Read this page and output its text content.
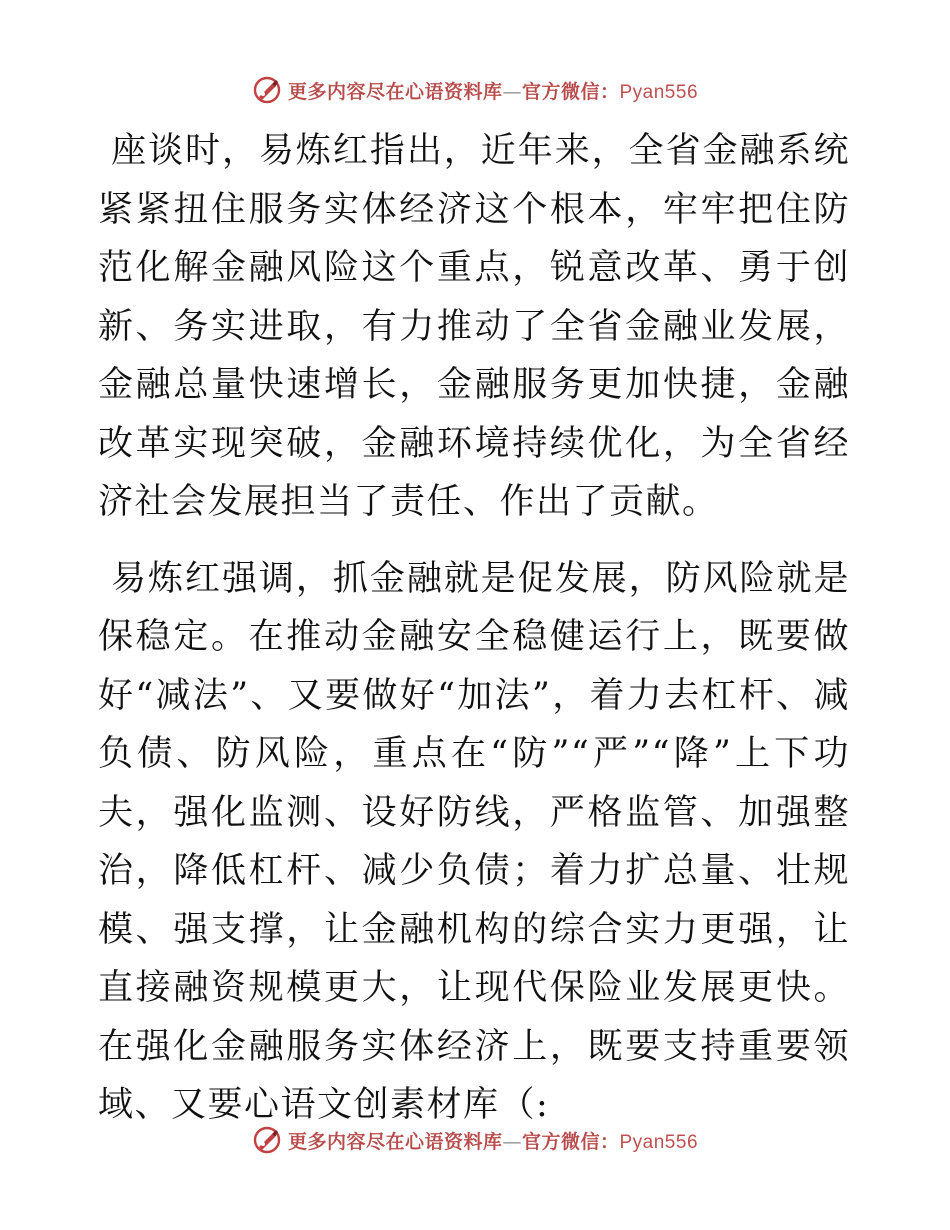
更多内容尽在心语资料库—官方微信：Pyan556

座谈时，易炼红指出，近年来，全省金融系统紧紧扭住服务实体经济这个根本，牢牢把住防范化解金融风险这个重点，锐意改革、勇于创新、务实进取，有力推动了全省金融业发展，金融总量快速增长，金融服务更加快捷，金融改革实现突破，金融环境持续优化，为全省经济社会发展担当了责任、作出了贡献。

易炼红强调，抓金融就是促发展，防风险就是保稳定。在推动金融安全稳健运行上，既要做好“减法”、又要做好“加法”，着力去杠杆、减负债、防风险，重点在“防”“严”“降”上下功夫，强化监测、设好防线，严格监管、加强整治，降低杠杆、减少负债；着力扩总量、壮规模、强支撑，让金融机构的综合实力更强，让直接融资规模更大，让现代保险业发展更快。在强化金融服务实体经济上，既要支持重要领域、又要心语文创素材库（:

更多内容尽在心语资料库—官方微信：Pyan556
